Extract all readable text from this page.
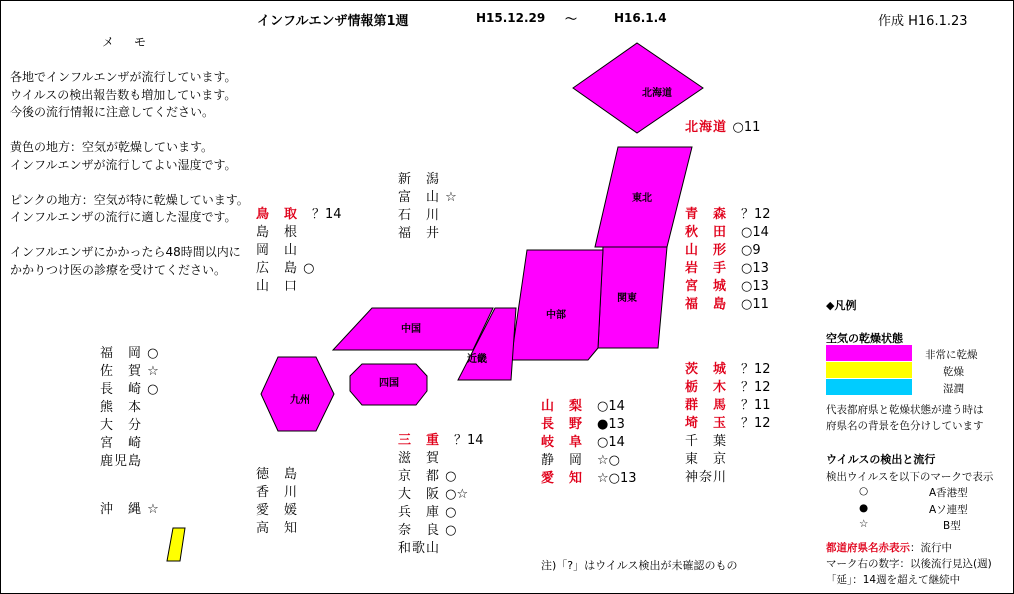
インフルエンザ情報第1週	H15.12.29 ～	H16.1.4	作成 H16.1.23
メ　モ

各地でインフルエンザが流行しています。

ウイルスの検出報告数も増加しています。

今後の流行情報に注意してください。

黄色の地方：空気が乾燥しています。

インフルエンザが流行してよい湿度です。

ピンクの地方：空気が特に乾燥しています。

インフルエンザの流行に適した湿度です。

インフルエンザにかかったら48時間以内に

かかりつけ医の診療を受けてください。

北海道
東北
関東
中部
中国
近畿
四国
九州
北海道 ○11
青　森　 ？12
秋　田　 ○14
山　形　 ○9
岩　手　 ○13
宮　城　 ○13
福　島　 ○11
茨　城　 ？12
栃　木　 ？12
群　馬　 ？11
埼　玉　 ？12
千　葉
東　京
神奈川
新　潟
富　山 ☆
石　川
福　井
山　梨　 ○14
長　野　 ●13
岐　阜　 ○14
静　岡　 ☆○
愛　知　 ☆○13
鳥　取　 ？14
島　根
岡　山
広　島 ○
山　口
三　重　 ？14
滋　賀
京　都 ○
大　阪 ○☆
兵　庫 ○
奈　良 ○
和歌山
徳　島
香　川
愛　媛
高　知
福　岡 ○
佐　賀 ☆
長　崎 ○
熊　本
大　分
宮　崎
鹿児島
沖　縄 ☆
◆凡例
空気の乾燥状態
非常に乾燥
乾燥
湿潤
代表都府県と乾燥状態が違う時は
府県名の背景を色分けしています
ウイルスの検出と流行
検出ウイルスを以下のマークで表示
○	A香港型
●	Aソ連型
☆	B型
都道府県名赤表示：流行中
マーク右の数字：以後流行見込(週)
「延」：14週を超えて継続中
注)「?」はウイルス検出が未確認のもの
